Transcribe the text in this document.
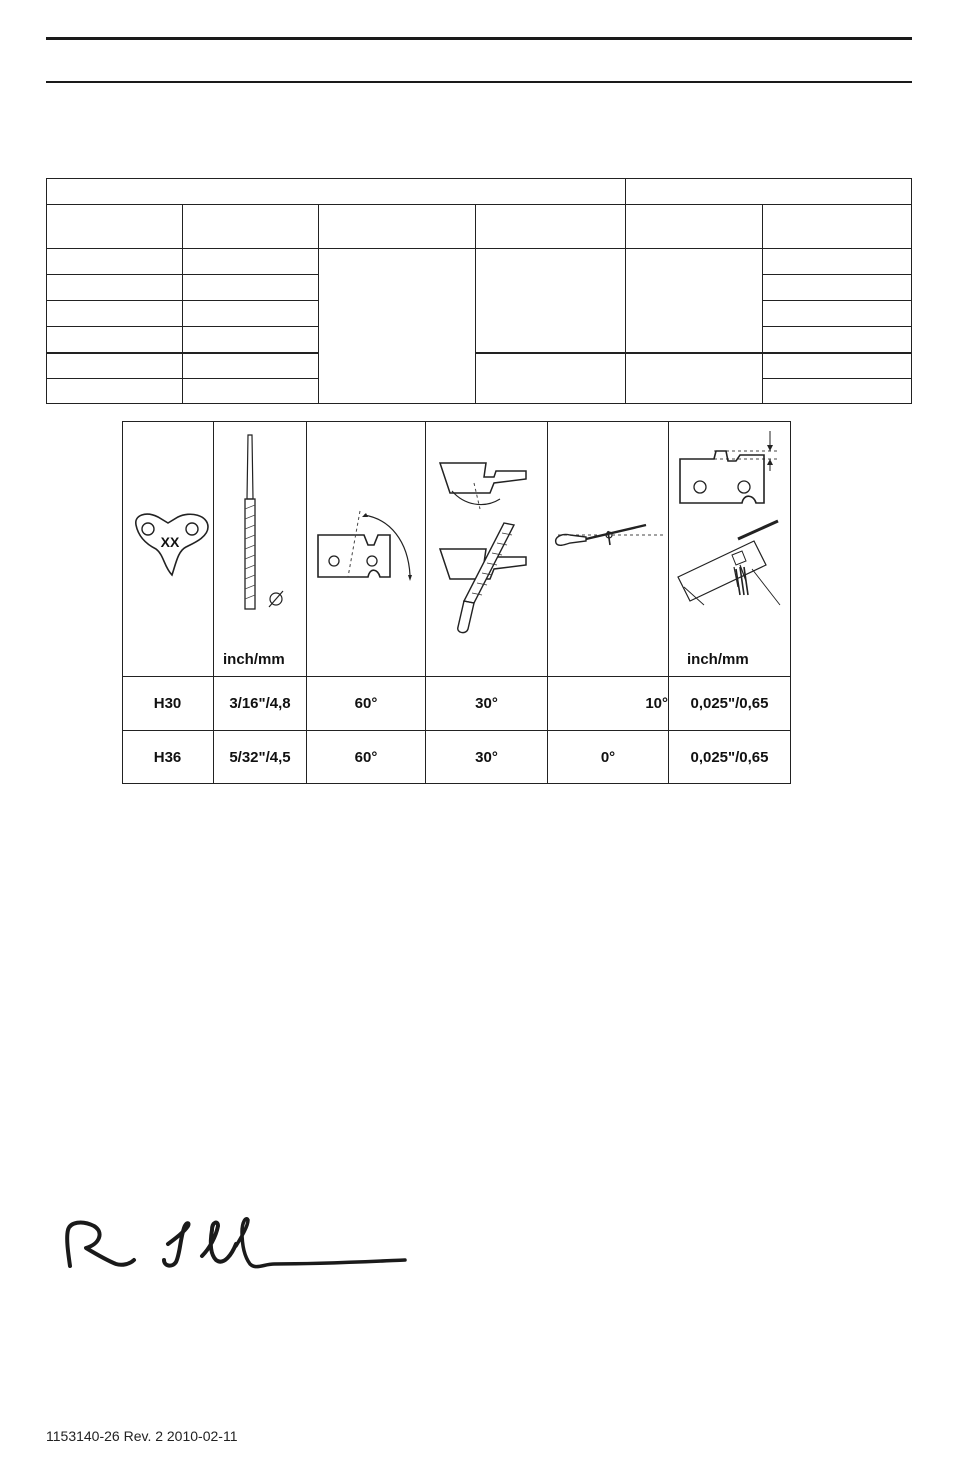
XX
inch/mm	inch/mm
H30	3/16"/4,8	60°	30°	10°	0,025"/0,65
H36	5/32"/4,5	60°	30°	0°	0,025"/0,65
1153140-26 Rev. 2 2010-02-11
